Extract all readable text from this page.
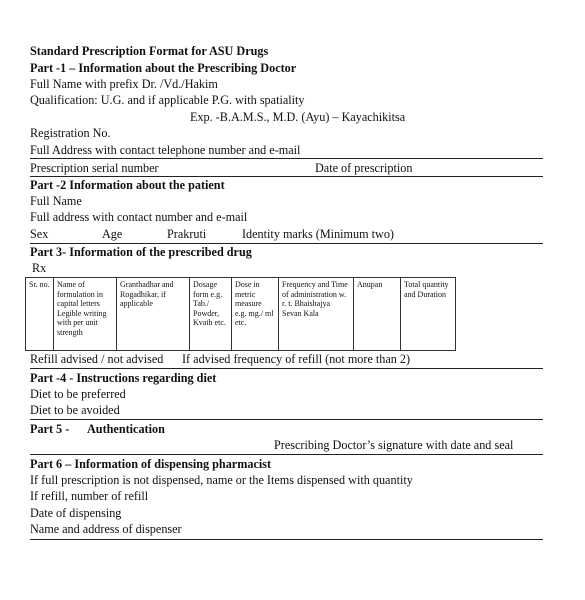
Standard Prescription Format for ASU Drugs
Part -1 – Information about the Prescribing Doctor
Full Name with prefix Dr. /Vd./Hakim
Qualification: U.G. and if applicable P.G. with spatiality
Exp. -B.A.M.S., M.D. (Ayu) – Kayachikitsa
Registration No.
Full Address with contact telephone number and e-mail
Prescription serial number	Date of prescription
Part -2 Information about the patient
Full Name
Full address with contact number and e-mail
Sex	Age	Prakruti	Identity marks (Minimum two)
Part 3- Information of the prescribed drug
Rx
Sr. no.	Name of formulation in capital letters Legible writing with per unit strength	Granthadhar and Rogadhikar, if applicable	Dosage form e.g. Tab./ Powder, Kvath etc.	Dose in metric measure e.g. mg./ ml etc.	Frequency and Time of administration w. r. t. Bhaishajya Sevan Kala	Anupan	Total quantity and Duration
Refill advised / not advised If advised frequency of refill (not more than 2)
Part -4 - Instructions regarding diet
Diet to be preferred
Diet to be avoided
Part 5 - Authentication
Prescribing Doctor’s signature with date and seal
Part 6 – Information of dispensing pharmacist
If full prescription is not dispensed, name or the Items dispensed with quantity
If refill, number of refill
Date of dispensing
Name and address of dispenser
